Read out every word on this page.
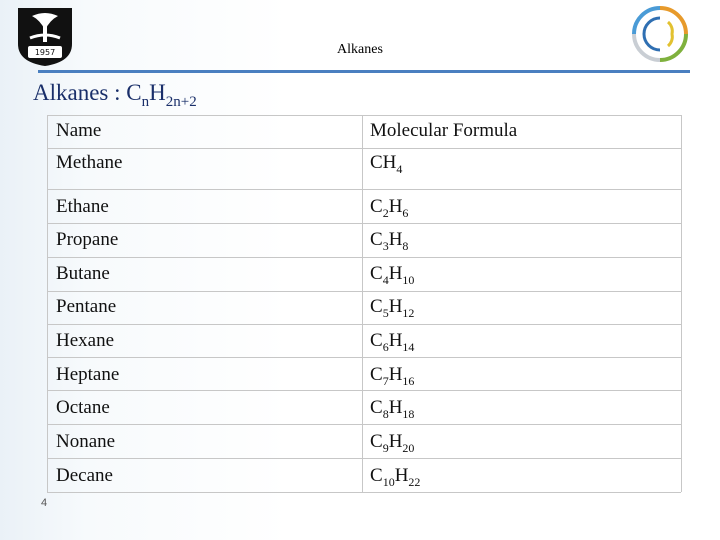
1957	Alkanes
Alkanes : $C_nH_{2n+2}$
Name	Molecular Formula
Methane	$CH_4$
Ethane	$C_2H_6$
Propane	$C_3H_8$
Butane	$C_4H_{10}$
Pentane	$C_5H_{12}$
Hexane	$C_6H_{14}$
Heptane	$C_7H_{16}$
Octane	$C_8H_{18}$
Nonane	$C_9H_{20}$
Decane	$C_{10}H_{22}$
4
